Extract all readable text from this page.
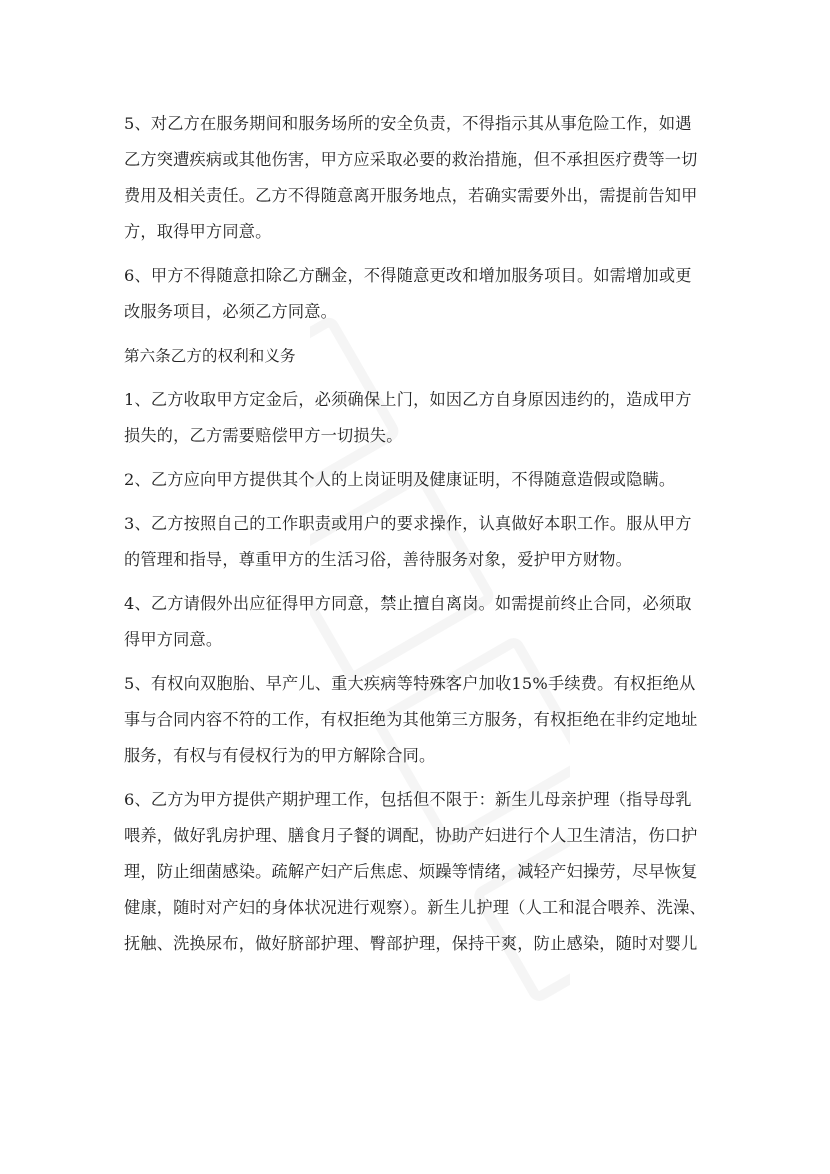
5、对乙方在服务期间和服务场所的安全负责，不得指示其从事危险工作，如遇
乙方突遭疾病或其他伤害，甲方应采取必要的救治措施，但不承担医疗费等一切
费用及相关责任。乙方不得随意离开服务地点，若确实需要外出，需提前告知甲
方，取得甲方同意。

6、甲方不得随意扣除乙方酬金，不得随意更改和增加服务项目。如需增加或更
改服务项目，必须乙方同意。

第六条乙方的权利和义务

1、乙方收取甲方定金后，必须确保上门，如因乙方自身原因违约的，造成甲方
损失的，乙方需要赔偿甲方一切损失。

2、乙方应向甲方提供其个人的上岗证明及健康证明，不得随意造假或隐瞒。

3、乙方按照自己的工作职责或用户的要求操作，认真做好本职工作。服从甲方
的管理和指导，尊重甲方的生活习俗，善待服务对象，爱护甲方财物。

4、乙方请假外出应征得甲方同意，禁止擅自离岗。如需提前终止合同，必须取
得甲方同意。

5、有权向双胞胎、早产儿、重大疾病等特殊客户加收15%手续费。有权拒绝从
事与合同内容不符的工作，有权拒绝为其他第三方服务，有权拒绝在非约定地址
服务，有权与有侵权行为的甲方解除合同。

6、乙方为甲方提供产期护理工作，包括但不限于：新生儿母亲护理（指导母乳
喂养，做好乳房护理、膳食月子餐的调配，协助产妇进行个人卫生清洁，伤口护
理，防止细菌感染。疏解产妇产后焦虑、烦躁等情绪，减轻产妇操劳，尽早恢复
健康，随时对产妇的身体状况进行观察）。新生儿护理（人工和混合喂养、洗澡、
抚触、洗换尿布，做好脐部护理、臀部护理，保持干爽，防止感染，随时对婴儿
